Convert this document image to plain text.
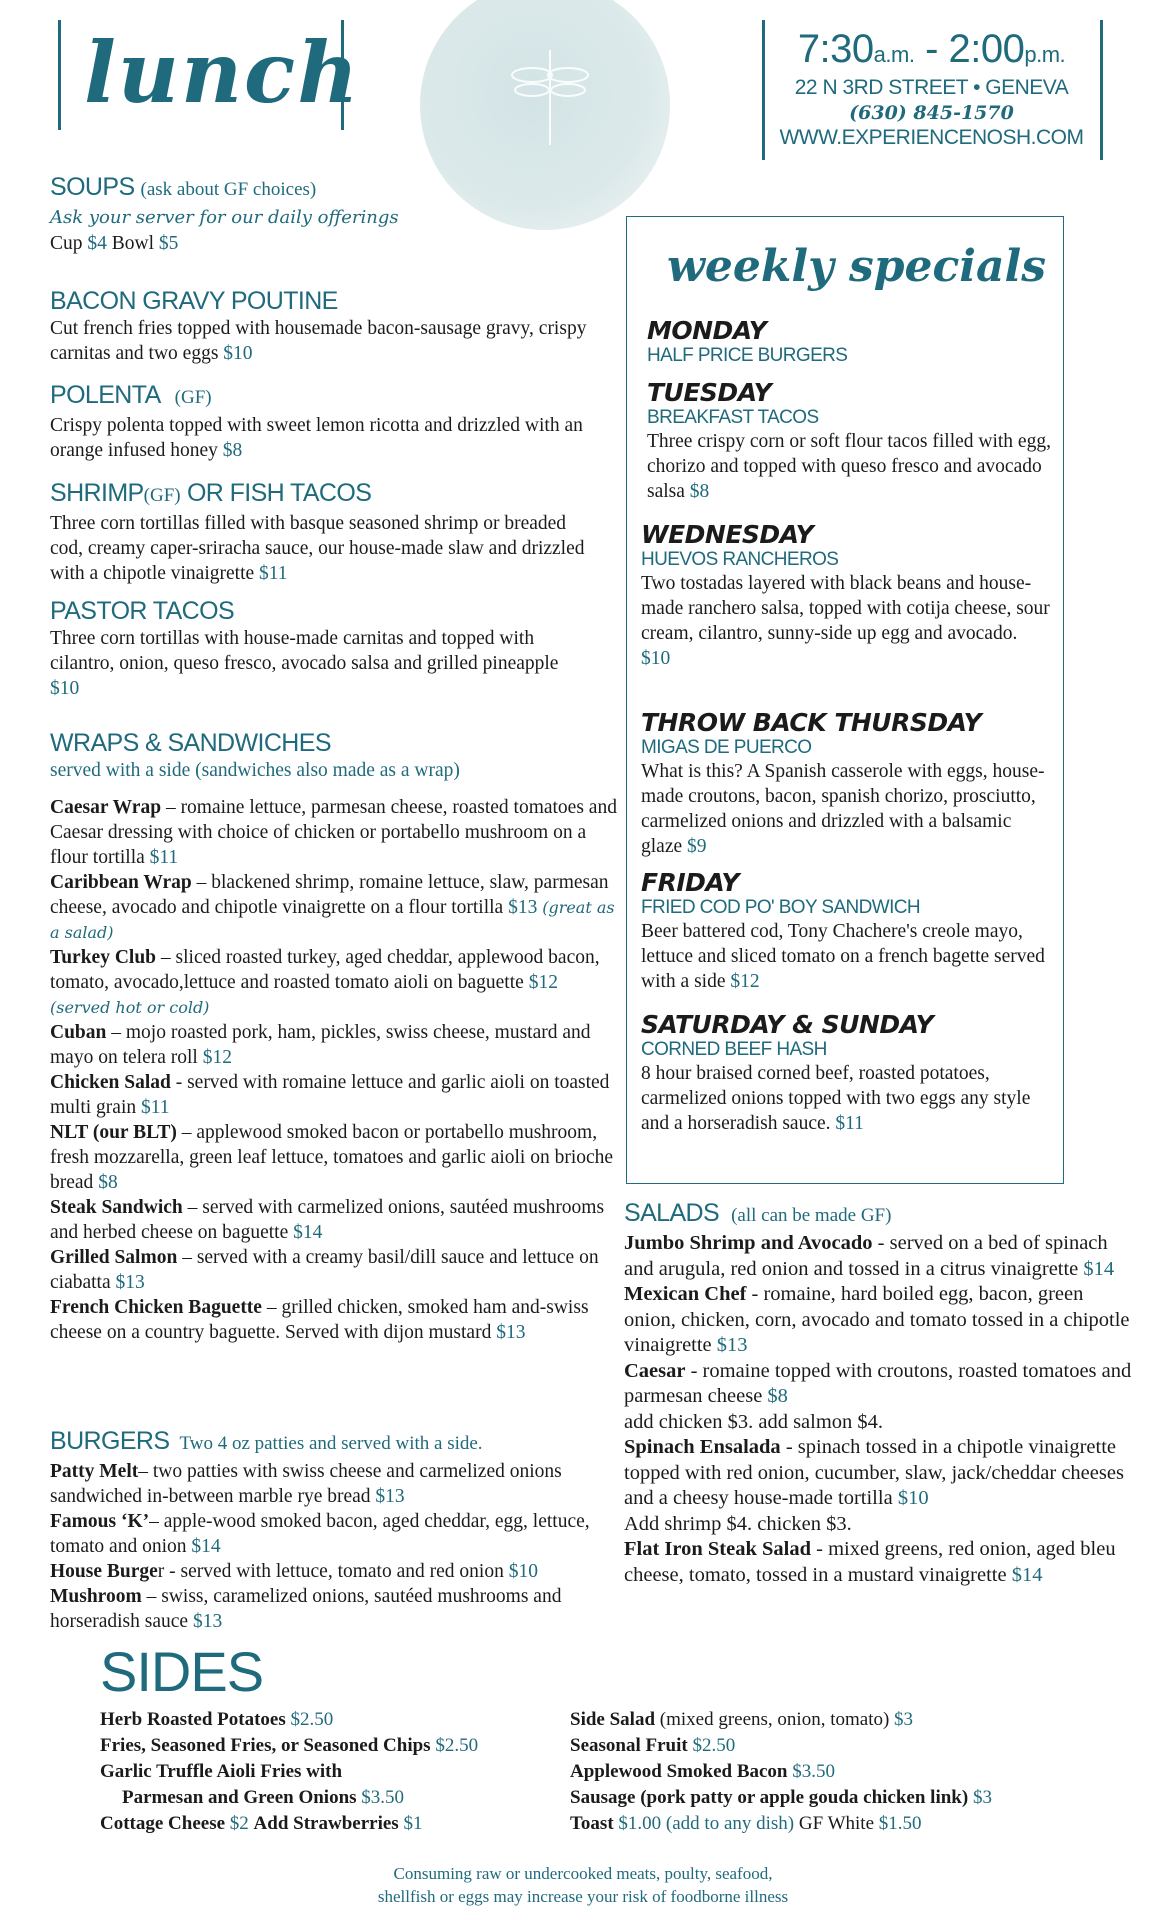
lunch	7:30a.m. - 2:00p.m.
22 N 3RD STREET • GENEVA
(630) 845-1570
WWW.EXPERIENCENOSH.COM
SOUPS (ask about GF choices)
Ask your server for our daily offerings
Cup $4 Bowl $5
BACON GRAVY POUTINE
Cut french fries topped with housemade bacon-sausage gravy, crispy carnitas and two eggs $10
POLENTA (GF)
Crispy polenta topped with sweet lemon ricotta and drizzled with an orange infused honey $8
SHRIMP(GF) OR FISH TACOS
Three corn tortillas filled with basque seasoned shrimp or breaded cod, creamy caper-sriracha sauce, our house-made slaw and drizzled with a chipotle vinaigrette $11
PASTOR TACOS
Three corn tortillas with house-made carnitas and topped with cilantro, onion, queso fresco, avocado salsa and grilled pineapple $10
WRAPS & SANDWICHES
served with a side (sandwiches also made as a wrap)

Caesar Wrap – romaine lettuce, parmesan cheese, roasted tomatoes and Caesar dressing with choice of chicken or portabello mushroom on a flour tortilla $11

Caribbean Wrap – blackened shrimp, romaine lettuce, slaw, parmesan cheese, avocado and chipotle vinaigrette on a flour tortilla $13 (great as a salad)

Turkey Club – sliced roasted turkey, aged cheddar, applewood bacon, tomato, avocado,lettuce and roasted tomato aioli on baguette $12 (served hot or cold)

Cuban – mojo roasted pork, ham, pickles, swiss cheese, mustard and mayo on telera roll $12

Chicken Salad - served with romaine lettuce and garlic aioli on toasted multi grain $11

NLT (our BLT) – applewood smoked bacon or portabello mushroom, fresh mozzarella, green leaf lettuce, tomatoes and garlic aioli on brioche bread $8

Steak Sandwich – served with carmelized onions, sautéed mushrooms and herbed cheese on baguette $14

Grilled Salmon – served with a creamy basil/dill sauce and lettuce on ciabatta $13

French Chicken Baguette – grilled chicken, smoked ham and-swiss cheese on a country baguette. Served with dijon mustard $13

BURGERS Two 4 oz patties and served with a side.

Patty Melt– two patties with swiss cheese and carmelized onions sandwiched in-between marble rye bread $13

Famous ‘K’– apple-wood smoked bacon, aged cheddar, egg, lettuce, tomato and onion $14

House Burger - served with lettuce, tomato and red onion $10

Mushroom – swiss, caramelized onions, sautéed mushrooms and horseradish sauce $13

weekly specials
MONDAY
HALF PRICE BURGERS
TUESDAY
BREAKFAST TACOS
Three crispy corn or soft flour tacos filled with egg, chorizo and topped with queso fresco and avocado salsa $8
WEDNESDAY
HUEVOS RANCHEROS
Two tostadas layered with black beans and house-made ranchero salsa, topped with cotija cheese, sour cream, cilantro, sunny-side up egg and avocado. $10
THROW BACK THURSDAY
MIGAS DE PUERCO
What is this? A Spanish casserole with eggs, house-made croutons, bacon, spanish chorizo, prosciutto, carmelized onions and drizzled with a balsamic glaze $9
FRIDAY
FRIED COD PO' BOY SANDWICH
Beer battered cod, Tony Chachere's creole mayo, lettuce and sliced tomato on a french bagette served with a side $12
SATURDAY & SUNDAY
CORNED BEEF HASH
8 hour braised corned beef, roasted potatoes, carmelized onions topped with two eggs any style and a horseradish sauce. $11
SALADS (all can be made GF)

Jumbo Shrimp and Avocado - served on a bed of spinach and arugula, red onion and tossed in a citrus vinaigrette $14

Mexican Chef - romaine, hard boiled egg, bacon, green onion, chicken, corn, avocado and tomato tossed in a chipotle vinaigrette $13

Caesar - romaine topped with croutons, roasted tomatoes and parmesan cheese $8
add chicken $3. add salmon $4.

Spinach Ensalada - spinach tossed in a chipotle vinaigrette topped with red onion, cucumber, slaw, jack/cheddar cheeses and a cheesy house-made tortilla $10
Add shrimp $4. chicken $3.

Flat Iron Steak Salad - mixed greens, red onion, aged bleu cheese, tomato, tossed in a mustard vinaigrette $14

SIDES
Herb Roasted Potatoes $2.50
Fries, Seasoned Fries, or Seasoned Chips $2.50
Garlic Truffle Aioli Fries with
Parmesan and Green Onions $3.50
Cottage Cheese $2 Add Strawberries $1
Side Salad (mixed greens, onion, tomato) $3
Seasonal Fruit $2.50
Applewood Smoked Bacon $3.50
Sausage (pork patty or apple gouda chicken link) $3
Toast $1.00 (add to any dish) GF White $1.50
Consuming raw or undercooked meats, poulty, seafood,
shellfish or eggs may increase your risk of foodborne illness
